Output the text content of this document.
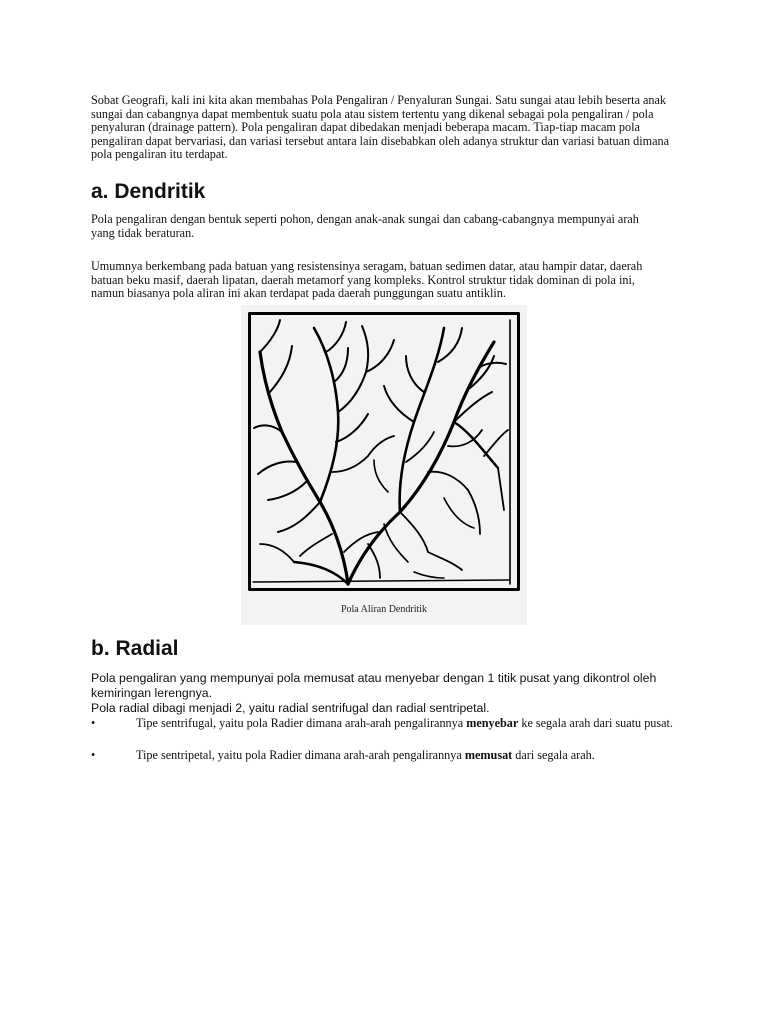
Sobat Geografi, kali ini kita akan membahas Pola Pengaliran / Penyaluran Sungai. Satu sungai atau lebih beserta anak sungai dan cabangnya dapat membentuk suatu pola atau sistem tertentu yang dikenal sebagai pola pengaliran / pola penyaluran (drainage pattern). Pola pengaliran dapat dibedakan menjadi beberapa macam. Tiap-tiap macam pola pengaliran dapat bervariasi, dan variasi tersebut antara lain disebabkan oleh adanya struktur dan variasi batuan dimana pola pengaliran itu terdapat.

a. Dendritik

Pola pengaliran dengan bentuk seperti pohon, dengan anak-anak sungai dan cabang-cabangnya mempunyai arah yang tidak beraturan.

Umumnya berkembang pada batuan yang resistensinya seragam, batuan sedimen datar, atau hampir datar, daerah batuan beku masif, daerah lipatan, daerah metamorf yang kompleks. Kontrol struktur tidak dominan di pola ini, namun biasanya pola aliran ini akan terdapat pada daerah punggungan suatu antiklin.

Pola Aliran Dendritik
b. Radial
Pola pengaliran yang mempunyai pola memusat atau menyebar dengan 1 titik pusat yang dikontrol oleh kemiringan lerengnya.
Pola radial dibagi menjadi 2, yaitu radial sentrifugal dan radial sentripetal.
•	Tipe sentrifugal, yaitu pola Radier dimana arah-arah pengalirannya menyebar ke segala arah dari suatu pusat.
•	Tipe sentripetal, yaitu pola Radier dimana arah-arah pengalirannya memusat dari segala arah.
